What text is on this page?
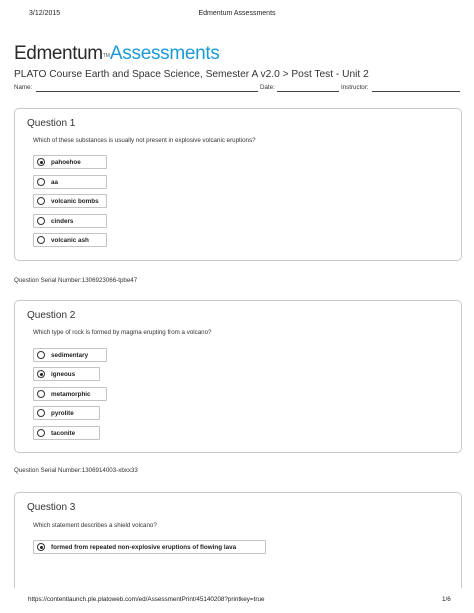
3/12/2015	Edmentum Assessments
Edmentum™Assessments
PLATO Course Earth and Space Science, Semester A v2.0 > Post Test - Unit 2
Name:	Date:	Instructor:
Question 1
Which of these substances is usually not present in explosive volcanic eruptions?
pahoehoe
aa
volcanic bombs
cinders
volcanic ash
Question Serial Number:1306923066-tpbe47
Question 2
Which type of rock is formed by magma erupting from a volcano?
sedimentary
igneous
metamorphic
pyrolite
taconite
Question Serial Number:1306914003-xbxx33
Question 3
Which statement describes a shield volcano?
formed from repeated non-explosive eruptions of flowing lava
https://contentlaunch.ple.platoweb.com/ed/AssessmentPrint/45140208?printkey=true	1/6
